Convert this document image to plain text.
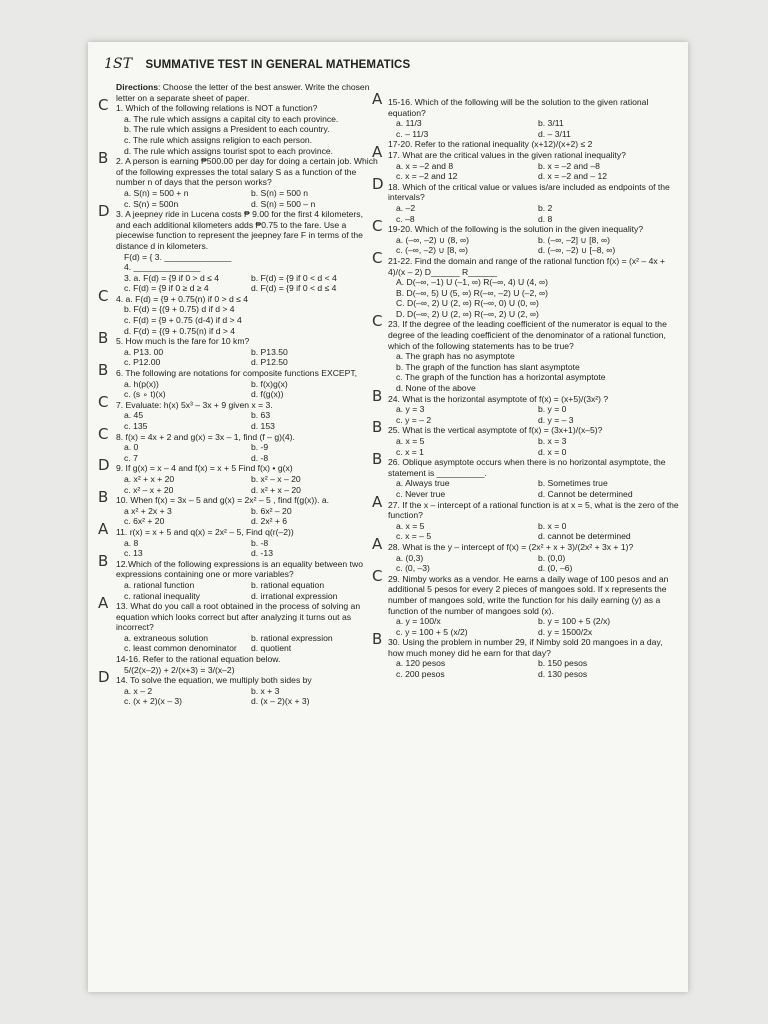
1ST SUMMATIVE TEST IN GENERAL MATHEMATICS
Directions: Choose the letter of the best answer. Write the chosen letter on a separate sheet of paper.
C 1. Which of the following relations is NOT a function?
a. The rule which assigns a capital city to each province.
b. The rule which assigns a President to each country.
c. The rule which assigns religion to each person.
d. The rule which assigns tourist spot to each province.
B 2. A person is earning ₱500.00 per day for doing a certain job. Which of the following expresses the total salary S as a function of the number n of days that the person works?
a. S(n) = 500 + n	b. S(n) = 500 n
c. S(n) = 500n	d. S(n) = 500 – n
D 3. A jeepney ride in Lucena costs ₱ 9.00 for the first 4 kilometers, and each additional kilometers adds ₱0.75 to the fare. Use a piecewise function to represent the jeepney fare F in terms of the distance d in kilometers.
F(d) = { 3. ______________
4. ______________
3. a. F(d) = {9 if 0 > d ≤ 4	b. F(d) = {9 if 0 < d < 4
c. F(d) = {9 if 0 ≥ d ≥ 4	d. F(d) = {9 if 0 < d ≤ 4
C 4. a. F(d) = {9 + 0.75(n) if 0 > d ≤ 4
b. F(d) = {(9 + 0.75) d if d > 4
c. F(d) = {9 + 0.75 (d-4) if d > 4
d. F(d) = {(9 + 0.75(n) if d > 4
B 5. How much is the fare for 10 km?
a. P13. 00	b. P13.50
c. P12.00	d. P12.50
B 6. The following are notations for composite functions EXCEPT,
a. h(p(x))	b. f(x)g(x)
c. (s ∘ t)(x)	d. f(g(x))
C 7. Evaluate: h(x) 5x³ – 3x + 9 given x = 3.
a. 45	b. 63
c. 135	d. 153
C 8. f(x) = 4x + 2 and g(x) = 3x – 1, find (f – g)(4).
a. 0	b. -9
c. 7	d. -8
D 9. If g(x) = x – 4 and f(x) = x + 5 Find f(x) • g(x)
a. x² + x + 20	b. x² – x – 20
c. x² – x + 20	d. x² + x – 20
B 10. When f(x) = 3x – 5 and g(x) = 2x² – 5 , find f(g(x)). a.
a x² + 2x + 3	b. 6x² – 20
c. 6x² + 20	d. 2x² + 6
A 11. r(x) = x + 5 and q(x) = 2x² – 5, Find q(r(–2))
a. 8	b. -8
c. 13	d. -13
B 12.Which of the following expressions is an equality between two expressions containing one or more variables?
a. rational function	b. rational equation
c. rational inequality	d. irrational expression
A 13. What do you call a root obtained in the process of solving an equation which looks correct but after analyzing it turns out as incorrect?
a. extraneous solution	b. rational expression
c. least common denominator	d. quotient
14-16. Refer to the rational equation below.
5/(2(x–2)) + 2/(x+3) = 3/(x–2)
D 14. To solve the equation, we multiply both sides by
a. x – 2	b. x + 3
c. (x + 2)(x – 3)	d. (x – 2)(x + 3)
A 15-16. Which of the following will be the solution to the given rational equation?
a. 11/3	b. 3/11
c. – 11/3	d. – 3/11
17-20. Refer to the rational inequality (x+12)/(x+2) ≤ 2
A 17. What are the critical values in the given rational inequality?
a. x = –2 and 8	b. x = –2 and –8
c. x = –2 and 12	d. x = –2 and – 12
D 18. Which of the critical value or values is/are included as endpoints of the intervals?
a. –2	b. 2
c. –8	d. 8
C 19-20. Which of the following is the solution in the given inequality?
a. (–∞, –2) ∪ (8, ∞)	b. (–∞, –2] ∪ [8, ∞)
c. (–∞, –2) ∪ [8, ∞)	d. (–∞, –2) ∪ [–8, ∞)
C 21-22. Find the domain and range of the rational function f(x) = (x² – 4x + 4)/(x – 2) D______ R______
A. D(–∞, –1) U (–1, ∞) R(–∞, 4) U (4, ∞)
B. D(–∞, 5) U (5, ∞) R(–∞, –2) U (–2, ∞)
C. D(–∞, 2) U (2, ∞) R(–∞, 0) U (0, ∞)
D. D(–∞, 2) U (2, ∞) R(–∞, 2) U (2, ∞)
C 23. If the degree of the leading coefficient of the numerator is equal to the degree of the leading coefficient of the denominator of a rational function, which of the following statements has to be true?
a. The graph has no asymptote
b. The graph of the function has slant asymptote
c. The graph of the function has a horizontal asymptote
d. None of the above
B 24. What is the horizontal asymptote of f(x) = (x+5)/(3x²) ?
a. y = 3	b. y = 0
c. y = – 2	d. y = – 3
B 25. What is the vertical asymptote of f(x) = (3x+1)/(x–5)?
a. x = 5	b. x = 3
c. x = 1	d. x = 0
B 26. Oblique asymptote occurs when there is no horizontal asymptote, the statement is __________.
a. Always true	b. Sometimes true
c. Never true	d. Cannot be determined
A 27. If the x – intercept of a rational function is at x = 5, what is the zero of the function?
a. x = 5	b. x = 0
c. x = – 5	d. cannot be determined
A 28. What is the y – intercept of f(x) = (2x² + x + 3)/(2x² + 3x + 1)?
a. (0,3)	b. (0,0)
c. (0, –3)	d. (0, –6)
C 29. Nimby works as a vendor. He earns a daily wage of 100 pesos and an additional 5 pesos for every 2 pieces of mangoes sold. If x represents the number of mangoes sold, write the function for his daily earning (y) as a function of the number of mangoes sold (x).
a. y = 100/x	b. y = 100 + 5 (2/x)
c. y = 100 + 5 (x/2)	d. y = 1500/2x
B 30. Using the problem in number 29, if Nimby sold 20 mangoes in a day, how much money did he earn for that day?
a. 120 pesos	b. 150 pesos
c. 200 pesos	d. 130 pesos
